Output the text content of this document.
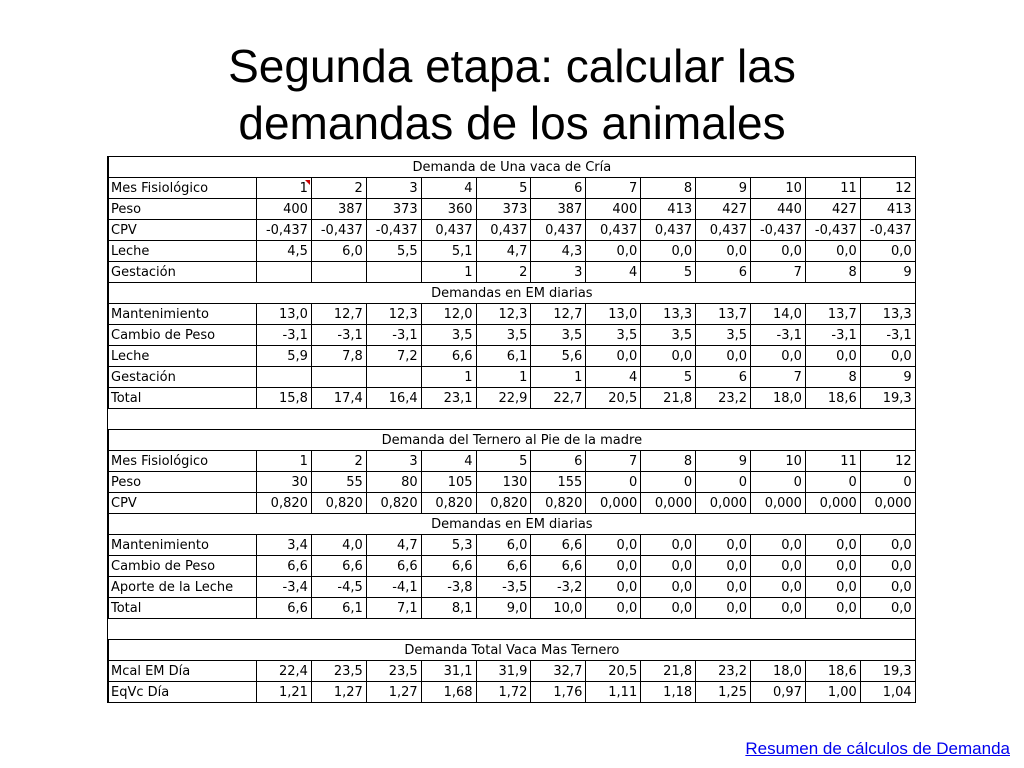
Segunda etapa: calcular las
demandas de los animales
Demanda de Una vaca de Cría												
Mes Fisiológico	1	2	3	4	5	6	7	8	9	10	11	12
Peso	400	387	373	360	373	387	400	413	427	440	427	413
CPV	-0,437	-0,437	-0,437	0,437	0,437	0,437	0,437	0,437	0,437	-0,437	-0,437	-0,437
Leche	4,5	6,0	5,5	5,1	4,7	4,3	0,0	0,0	0,0	0,0	0,0	0,0
Gestación				1	2	3	4	5	6	7	8	9
Demandas en EM diarias												
Mantenimiento	13,0	12,7	12,3	12,0	12,3	12,7	13,0	13,3	13,7	14,0	13,7	13,3
Cambio de Peso	-3,1	-3,1	-3,1	3,5	3,5	3,5	3,5	3,5	3,5	-3,1	-3,1	-3,1
Leche	5,9	7,8	7,2	6,6	6,1	5,6	0,0	0,0	0,0	0,0	0,0	0,0
Gestación				1	1	1	4	5	6	7	8	9
Total	15,8	17,4	16,4	23,1	22,9	22,7	20,5	21,8	23,2	18,0	18,6	19,3

Demanda del Ternero al Pie de la madre												
Mes Fisiológico	1	2	3	4	5	6	7	8	9	10	11	12
Peso	30	55	80	105	130	155	0	0	0	0	0	0
CPV	0,820	0,820	0,820	0,820	0,820	0,820	0,000	0,000	0,000	0,000	0,000	0,000
Demandas en EM diarias												
Mantenimiento	3,4	4,0	4,7	5,3	6,0	6,6	0,0	0,0	0,0	0,0	0,0	0,0
Cambio de Peso	6,6	6,6	6,6	6,6	6,6	6,6	0,0	0,0	0,0	0,0	0,0	0,0
Aporte de la Leche	-3,4	-4,5	-4,1	-3,8	-3,5	-3,2	0,0	0,0	0,0	0,0	0,0	0,0
Total	6,6	6,1	7,1	8,1	9,0	10,0	0,0	0,0	0,0	0,0	0,0	0,0

Demanda Total Vaca Mas Ternero												
Mcal EM Día	22,4	23,5	23,5	31,1	31,9	32,7	20,5	21,8	23,2	18,0	18,6	19,3
EqVc Día	1,21	1,27	1,27	1,68	1,72	1,76	1,11	1,18	1,25	0,97	1,00	1,04
Resumen de cálculos de Demanda
